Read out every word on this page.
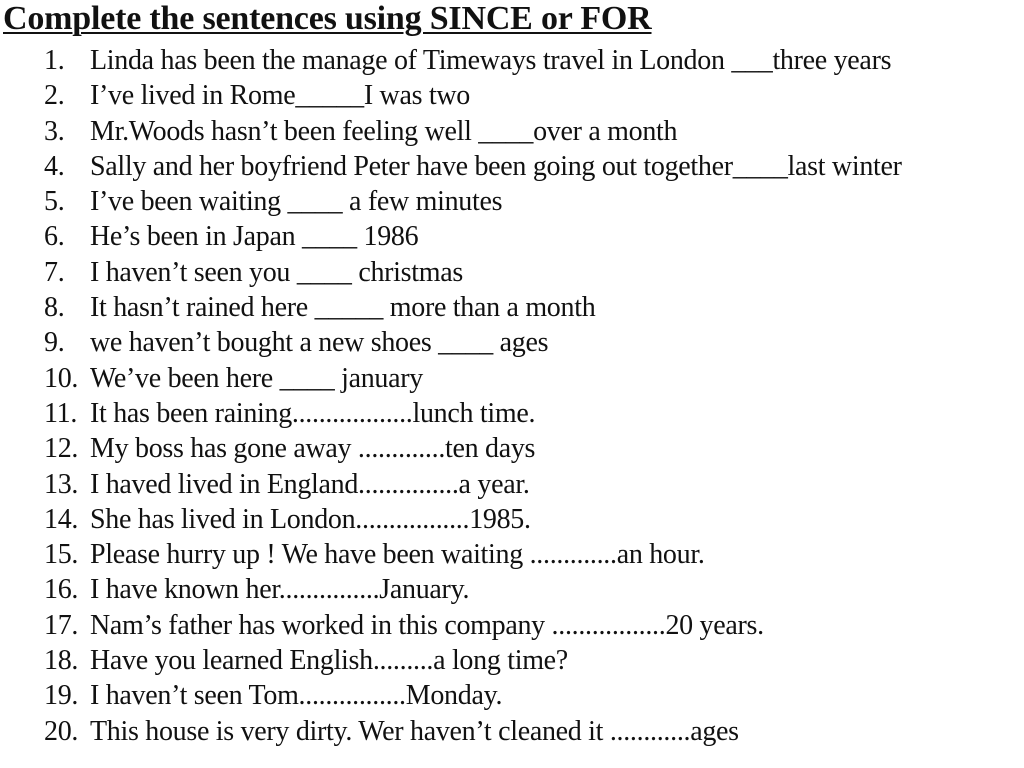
Complete the sentences using SINCE or FOR
1. Linda has been the manage of Timeways travel in London ___three years
2. I’ve lived in Rome_____I was two
3. Mr.Woods hasn’t been feeling well ____over a month
4. Sally and her boyfriend Peter have been going out together____last winter
5. I’ve been waiting ____ a few minutes
6. He’s been in Japan ____ 1986
7. I haven’t seen you ____ christmas
8. It hasn’t rained here _____ more than a month
9. we haven’t bought a new shoes ____ ages
10. We’ve been here ____ january
11. It has been raining..................lunch time.
12. My boss has gone away .............ten days
13. I haved lived in England...............a year.
14. She has lived in London.................1985.
15. Please hurry up ! We have been waiting .............an hour.
16. I have known her...............January.
17. Nam’s father has worked in this company .................20 years.
18. Have you learned English.........a long time?
19. I haven’t seen Tom................Monday.
20. This house is very dirty. Wer haven’t cleaned it ............ages
